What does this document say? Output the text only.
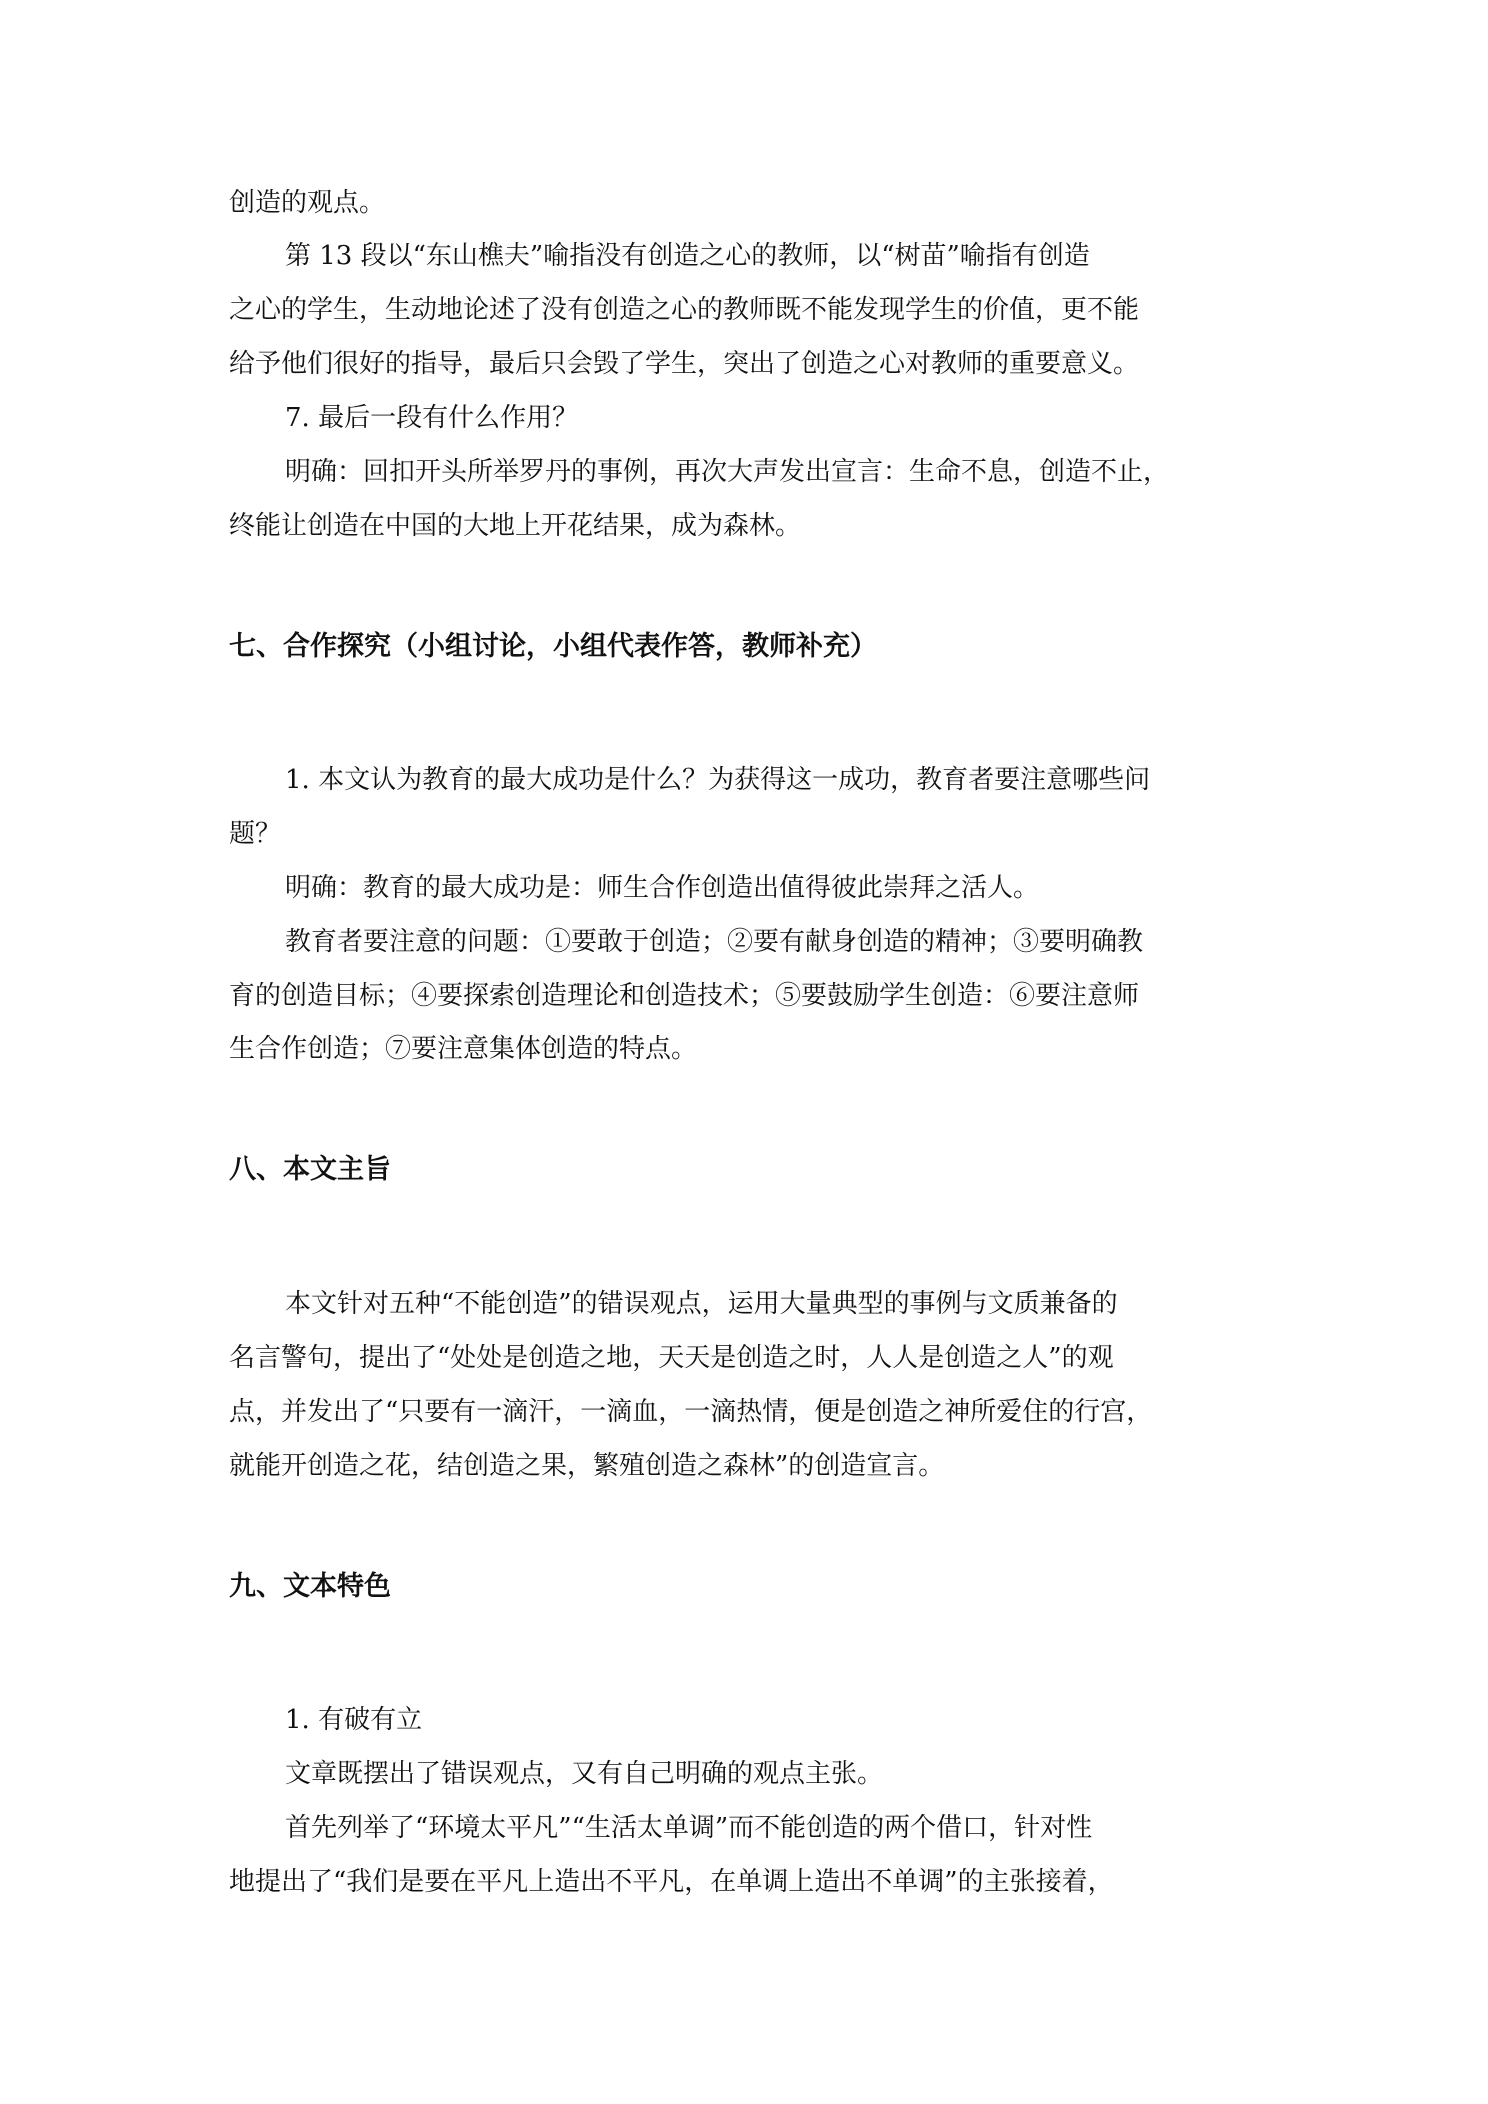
创造的观点。
第 13 段以“东山樵夫”喻指没有创造之心的教师，以“树苗”喻指有创造
之心的学生，生动地论述了没有创造之心的教师既不能发现学生的价值，更不能
给予他们很好的指导，最后只会毁了学生，突出了创造之心对教师的重要意义。
7. 最后一段有什么作用？
明确：回扣开头所举罗丹的事例，再次大声发出宣言：生命不息，创造不止，
终能让创造在中国的大地上开花结果，成为森林。
七、合作探究（小组讨论，小组代表作答，教师补充）
1. 本文认为教育的最大成功是什么？为获得这一成功，教育者要注意哪些问
题？
明确：教育的最大成功是：师生合作创造出值得彼此崇拜之活人。
教育者要注意的问题：①要敢于创造；②要有献身创造的精神；③要明确教
育的创造目标；④要探索创造理论和创造技术；⑤要鼓励学生创造：⑥要注意师
生合作创造；⑦要注意集体创造的特点。
八、本文主旨
本文针对五种“不能创造”的错误观点，运用大量典型的事例与文质兼备的
名言警句，提出了“处处是创造之地，天天是创造之时，人人是创造之人”的观
点，并发出了“只要有一滴汗，一滴血，一滴热情，便是创造之神所爱住的行宫，
就能开创造之花，结创造之果，繁殖创造之森林”的创造宣言。
九、文本特色
1. 有破有立
文章既摆出了错误观点，又有自己明确的观点主张。
首先列举了“环境太平凡”“生活太单调”而不能创造的两个借口，针对性
地提出了“我们是要在平凡上造出不平凡，在单调上造出不单调”的主张接着，
